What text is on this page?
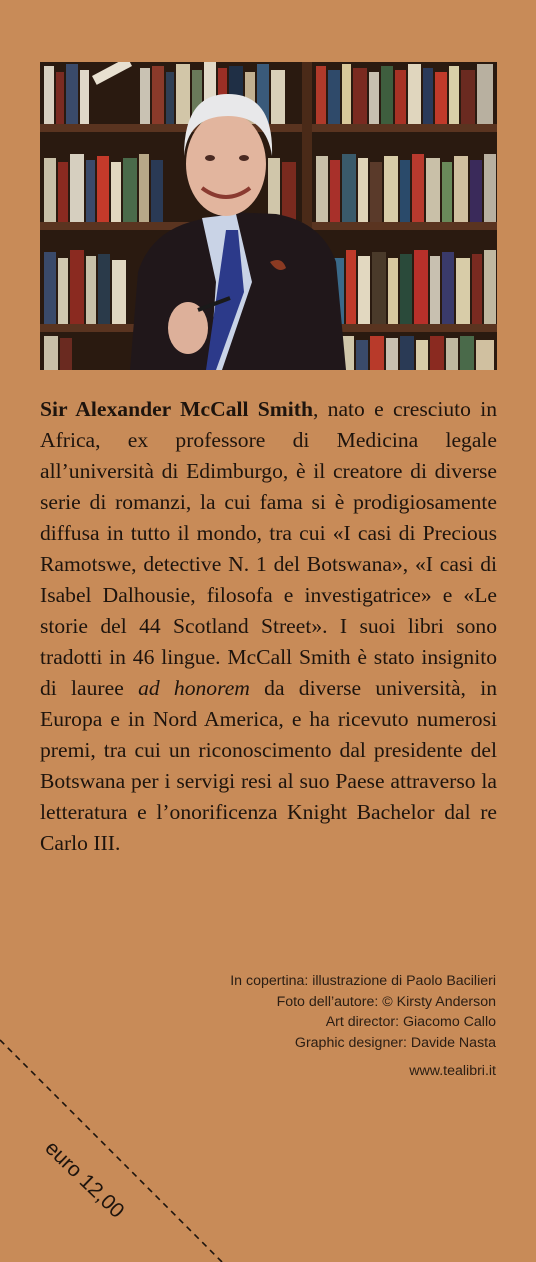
Sir Alexander McCall Smith, nato e cresciuto in Africa, ex professore di Medicina legale all’università di Edimburgo, è il creatore di diverse serie di romanzi, la cui fama si è prodigiosamente diffusa in tutto il mondo, tra cui «I casi di Precious Ramotswe, detective N. 1 del Botswana», «I casi di Isabel Dalhousie, filosofa e investigatrice» e «Le storie del 44 Scotland Street». I suoi libri sono tradotti in 46 lingue. McCall Smith è stato insignito di lauree ad honorem da diverse università, in Europa e in Nord America, e ha ricevuto numerosi premi, tra cui un riconoscimento dal presidente del Botswana per i servigi resi al suo Paese attraverso la letteratura e l’onorificenza Knight Bachelor dal re Carlo III.

In copertina: illustrazione di Paolo Bacilieri
Foto dell’autore: © Kirsty Anderson
Art director: Giacomo Callo
Graphic designer: Davide Nasta
www.tealibri.it
euro 12,00
